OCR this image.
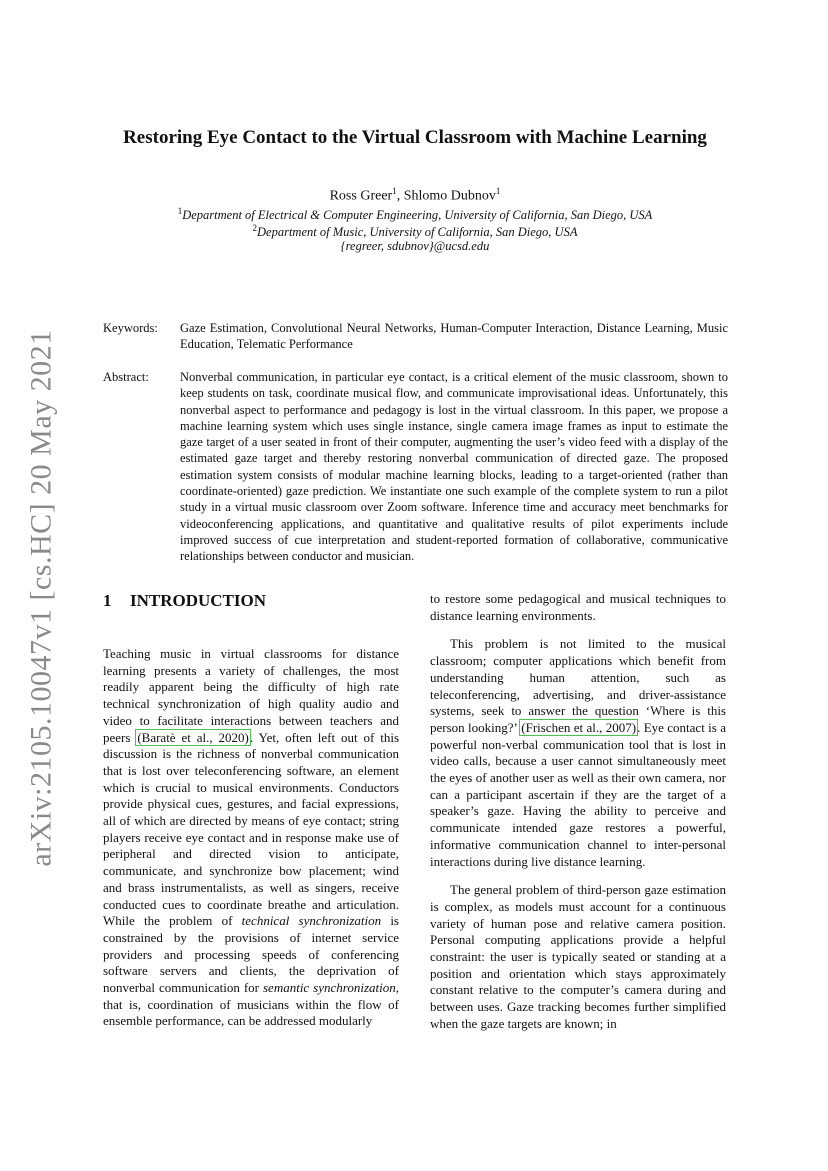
arXiv:2105.10047v1 [cs.HC] 20 May 2021
Restoring Eye Contact to the Virtual Classroom with Machine Learning
Ross Greer$^1$, Shlomo Dubnov$^1$
$^1$Department of Electrical & Computer Engineering, University of California, San Diego, USA
$^2$Department of Music, University of California, San Diego, USA
{regreer, sdubnov}@ucsd.edu
Keywords:	Gaze Estimation, Convolutional Neural Networks, Human-Computer Interaction, Distance Learning, Music Education, Telematic Performance
Abstract:	Nonverbal communication, in particular eye contact, is a critical element of the music classroom, shown to keep students on task, coordinate musical flow, and communicate improvisational ideas. Unfortunately, this nonverbal aspect to performance and pedagogy is lost in the virtual classroom. In this paper, we propose a machine learning system which uses single instance, single camera image frames as input to estimate the gaze target of a user seated in front of their computer, augmenting the user’s video feed with a display of the estimated gaze target and thereby restoring nonverbal communication of directed gaze. The proposed estimation system consists of modular machine learning blocks, leading to a target-oriented (rather than coordinate-oriented) gaze prediction. We instantiate one such example of the complete system to run a pilot study in a virtual music classroom over Zoom software. Inference time and accuracy meet benchmarks for videoconferencing applications, and quantitative and qualitative results of pilot experiments include improved success of cue interpretation and student-reported formation of collaborative, communicative relationships between conductor and musician.
1 INTRODUCTION

Teaching music in virtual classrooms for distance learning presents a variety of challenges, the most readily apparent being the difficulty of high rate technical synchronization of high quality audio and video to facilitate interactions between teachers and peers (Baratè et al., 2020). Yet, often left out of this discussion is the richness of nonverbal communication that is lost over teleconferencing software, an element which is crucial to musical environments. Conductors provide physical cues, gestures, and facial expressions, all of which are directed by means of eye contact; string players receive eye contact and in response make use of peripheral and directed vision to anticipate, communicate, and synchronize bow placement; wind and brass instrumentalists, as well as singers, receive conducted cues to coordinate breathe and articulation. While the problem of technical synchronization is constrained by the provisions of internet service providers and processing speeds of conferencing software servers and clients, the deprivation of nonverbal communication for semantic synchronization, that is, coordination of musicians within the flow of ensemble performance, can be addressed modularly

to restore some pedagogical and musical techniques to distance learning environments.

This problem is not limited to the musical classroom; computer applications which benefit from understanding human attention, such as teleconferencing, advertising, and driver-assistance systems, seek to answer the question ‘Where is this person looking?’ (Frischen et al., 2007). Eye contact is a powerful non-verbal communication tool that is lost in video calls, because a user cannot simultaneously meet the eyes of another user as well as their own camera, nor can a participant ascertain if they are the target of a speaker’s gaze. Having the ability to perceive and communicate intended gaze restores a powerful, informative communication channel to inter-personal interactions during live distance learning.

The general problem of third-person gaze estimation is complex, as models must account for a continuous variety of human pose and relative camera position. Personal computing applications provide a helpful constraint: the user is typically seated or standing at a position and orientation which stays approximately constant relative to the computer’s camera during and between uses. Gaze tracking becomes further simplified when the gaze targets are known; in
